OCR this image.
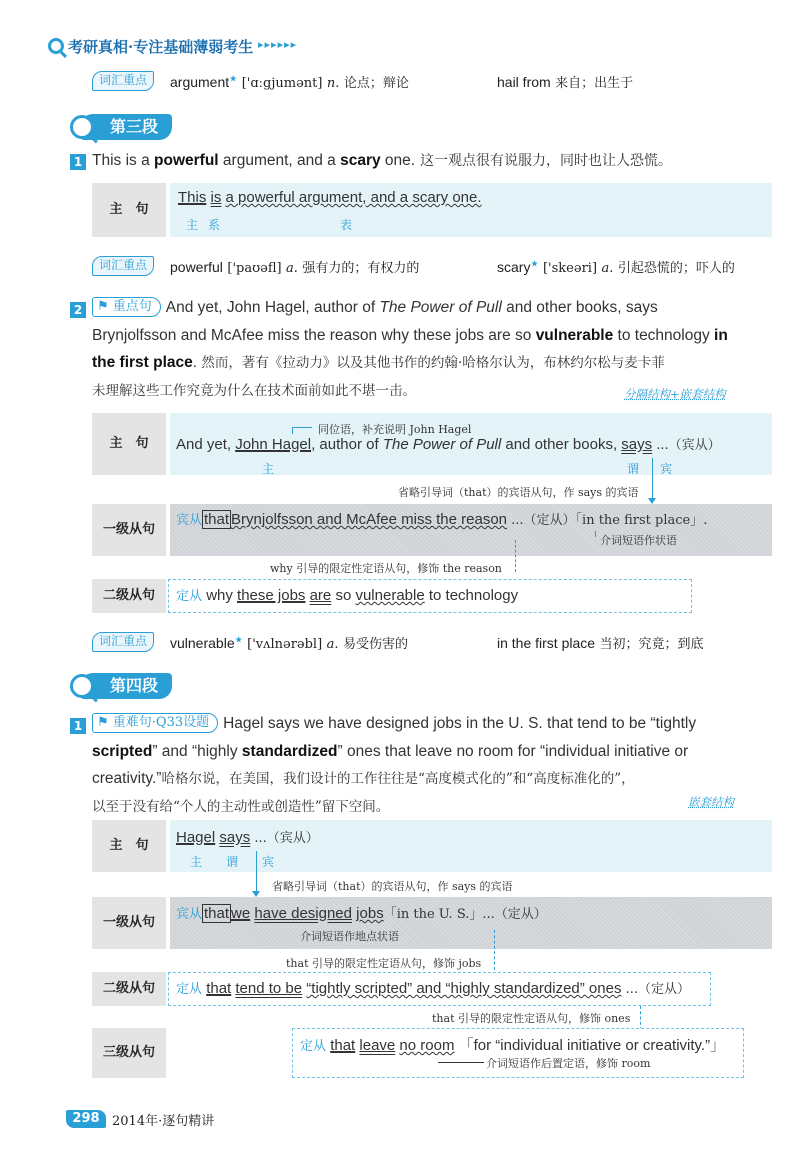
考研真相·专注基础薄弱考生 ▸▸▸▸▸▸
词汇重点	argument★ ['ɑːgjumənt] n. 论点；辩论	hail from 来自；出生于
第三段
1 This is a powerful argument, and a scary one. 这一观点很有说服力，同时也让人恐慌。
主　句
This is a powerful argument, and a scary one.
主 系	表
词汇重点	powerful ['paʊəfl] a. 强有力的；有权力的	scary★ ['skeəri] a. 引起恐慌的；吓人的
2	⚑ 重点句 And yet, John Hagel, author of The Power of Pull and other books, says
Brynjolfsson and McAfee miss the reason why these jobs are so vulnerable to technology in
the first place. 然而，著有《拉动力》以及其他书作的约翰·哈格尔认为，布林约尔松与麦卡菲
未理解这些工作究竟为什么在技术面前如此不堪一击。	分隔结构+嵌套结构
主　句
同位语，补充说明 John Hagel
And yet, John Hagel, author of The Power of Pull and other books, says ...（宾从）
主	谓 宾
省略引导词（that）的宾语从句，作 says 的宾语
一级从句
宾从 that Brynjolfsson and McAfee miss the reason ...（定从）「in the first place」.
介词短语作状语
why 引导的限定性定语从句，修饰 the reason
二级从句	定从 why these jobs are so vulnerable to technology
词汇重点	vulnerable★ ['vʌlnərəbl] a. 易受伤害的	in the first place 当初；究竟；到底
第四段
1	⚑ 重难句·Q33设题 Hagel says we have designed jobs in the U. S. that tend to be “tightly
scripted” and “highly standardized” ones that leave no room for “individual initiative or
creativity.”哈格尔说，在美国，我们设计的工作往往是“高度模式化的”和“高度标准化的”，
以至于没有给“个人的主动性或创造性”留下空间。	嵌套结构
主　句	Hagel says ...（宾从）
主 谓 宾
省略引导词（that）的宾语从句，作 says 的宾语
一级从句
宾从 that we have designed jobs「in the U. S.」...（定从）
介词短语作地点状语
that 引导的限定性定语从句，修饰 jobs
二级从句	定从 that tend to be “tightly scripted” and “highly standardized” ones ...（定从）
that 引导的限定性定语从句，修饰 ones
三级从句	定从 that leave no room 「for “individual initiative or creativity.”」
介词短语作后置定语，修饰 room
298 2014年·逐句精讲
